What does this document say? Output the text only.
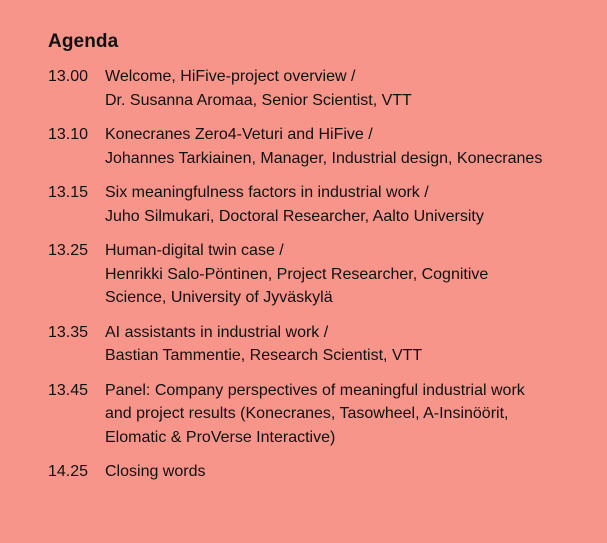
Agenda
13.00	Welcome, HiFive-project overview /
Dr. Susanna Aromaa, Senior Scientist, VTT
13.10	Konecranes Zero4-Veturi and HiFive /
Johannes Tarkiainen, Manager, Industrial design, Konecranes
13.15	Six meaningfulness factors in industrial work /
Juho Silmukari, Doctoral Researcher, Aalto University
13.25	Human-digital twin case /
Henrikki Salo-Pöntinen, Project Researcher, Cognitive
Science, University of Jyväskylä
13.35	AI assistants in industrial work /
Bastian Tammentie, Research Scientist, VTT
13.45	Panel: Company perspectives of meaningful industrial work
and project results (Konecranes, Tasowheel, A-Insinöörit,
Elomatic & ProVerse Interactive)
14.25	Closing words
